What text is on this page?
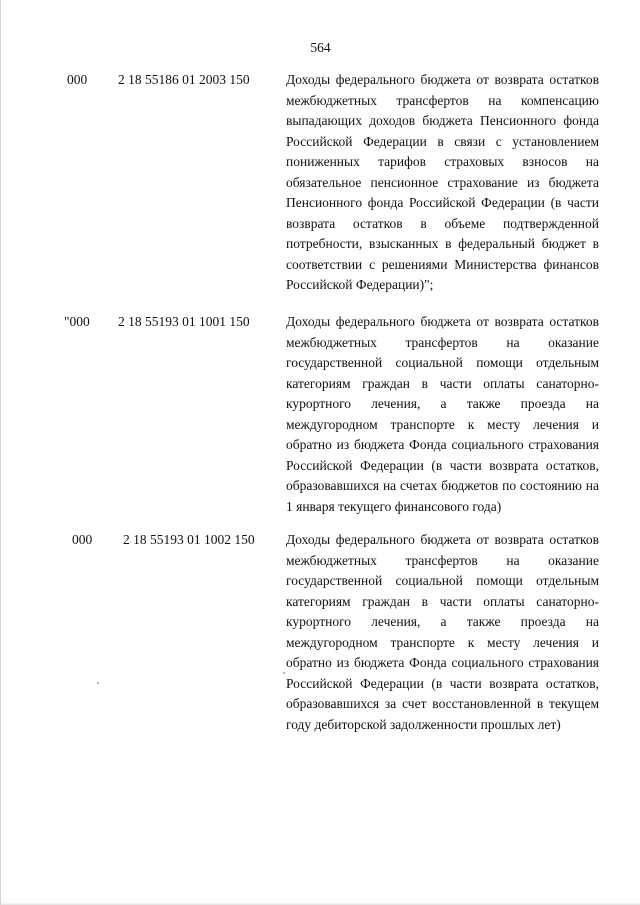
564
000 2 18 55186 01 2003 150	Доходы федерального бюджета от возврата остатков межбюджетных трансфертов на компенсацию выпадающих доходов бюджета Пенсионного фонда Российской Федерации в связи с установлением пониженных тарифов страховых взносов на обязательное пенсионное страхование из бюджета Пенсионного фонда Российской Федерации (в части возврата остатков в объеме подтвержденной потребности, взысканных в федеральный бюджет в соответствии с решениями Министерства финансов Российской Федерации)";
"000 2 18 55193 01 1001 150	Доходы федерального бюджета от возврата остатков межбюджетных трансфертов на оказание государственной социальной помощи отдельным категориям граждан в части оплаты санаторно-курортного лечения, а также проезда на междугородном транспорте к месту лечения и обратно из бюджета Фонда социального страхования Российской Федерации (в части возврата остатков, образовавшихся на счетах бюджетов по состоянию на 1 января текущего финансового года)
000 2 18 55193 01 1002 150 Доходы федерального бюджета от возврата остатков межбюджетных трансфертов на оказание государственной социальной помощи отдельным категориям граждан в части оплаты санаторно-курортного лечения, а также проезда на междугородном транспорте к месту лечения и обратно из бюджета Фонда социального страхования Российской Федерации (в части возврата остатков, образовавшихся за счет восстановленной в текущем году дебиторской задолженности прошлых лет)
